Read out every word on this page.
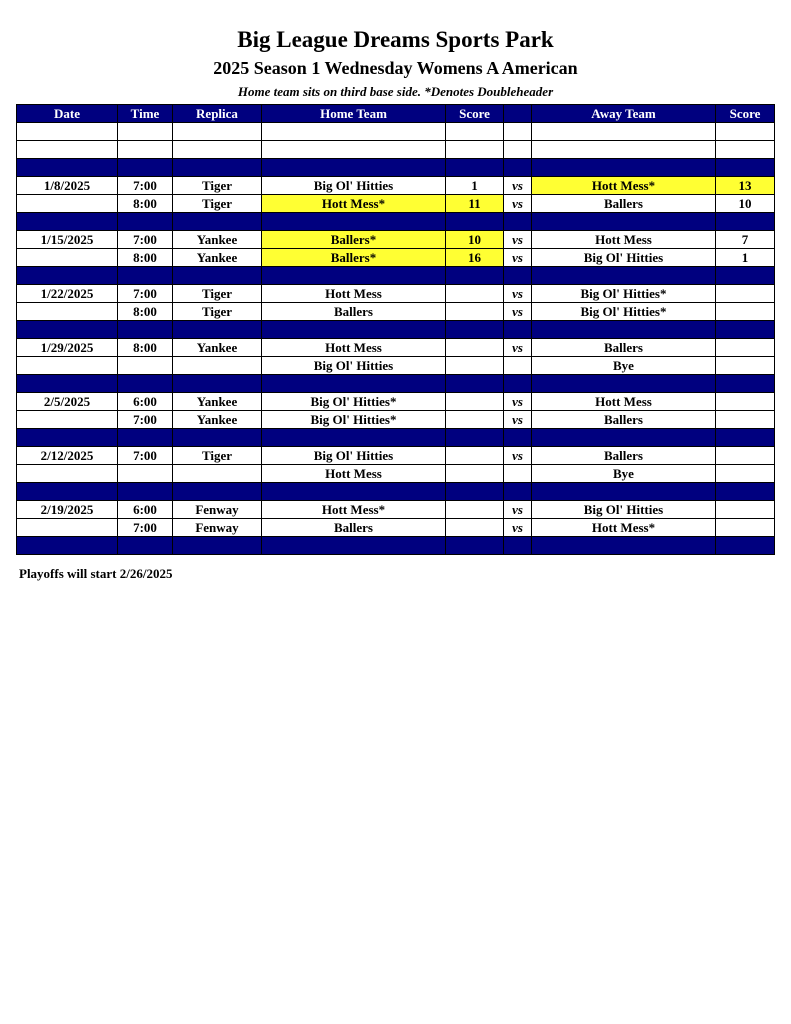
Big League Dreams Sports Park
2025 Season 1 Wednesday Womens A American
Home team sits on third base side. *Denotes Doubleheader
Date	Time	Replica	Home Team	Score		Away Team	Score

1/8/2025	7:00	Tiger	Big Ol' Hitties	1	vs	Hott Mess*	13
	8:00	Tiger	Hott Mess*	11	vs	Ballers	10

1/15/2025	7:00	Yankee	Ballers*	10	vs	Hott Mess	7
	8:00	Yankee	Ballers*	16	vs	Big Ol' Hitties	1

1/22/2025	7:00	Tiger	Hott Mess		vs	Big Ol' Hitties*	
	8:00	Tiger	Ballers		vs	Big Ol' Hitties*	

1/29/2025	8:00	Yankee	Hott Mess		vs	Ballers	
			Big Ol' Hitties			Bye	

2/5/2025	6:00	Yankee	Big Ol' Hitties*		vs	Hott Mess	
	7:00	Yankee	Big Ol' Hitties*		vs	Ballers	

2/12/2025	7:00	Tiger	Big Ol' Hitties		vs	Ballers	
			Hott Mess			Bye	

2/19/2025	6:00	Fenway	Hott Mess*		vs	Big Ol' Hitties	
	7:00	Fenway	Ballers		vs	Hott Mess*	

Playoffs will start 2/26/2025
